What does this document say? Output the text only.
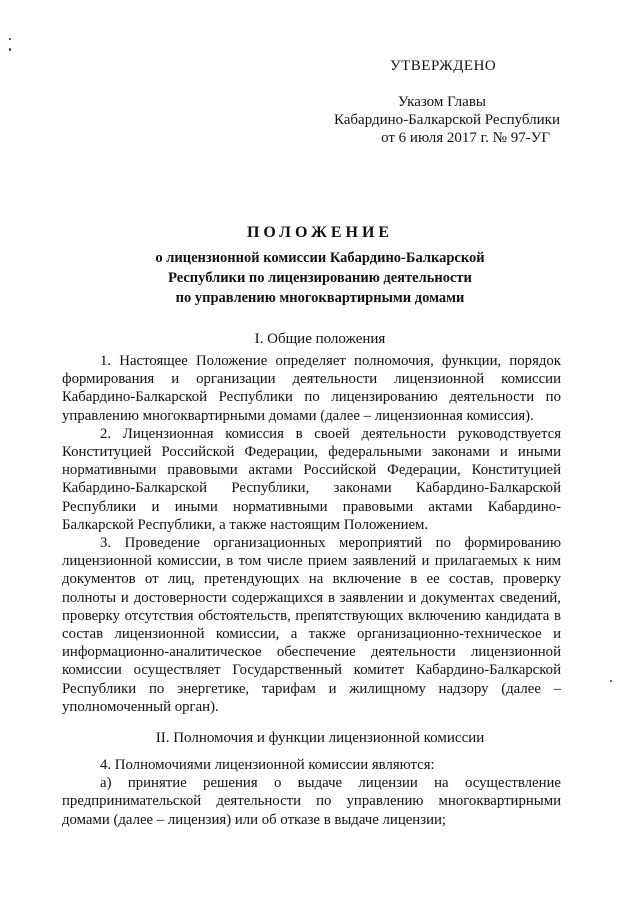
УТВЕРЖДЕНО
Указом Главы
Кабардино-Балкарской Республики
от 6 июля 2017 г. № 97-УГ
ПОЛОЖЕНИЕ
о лицензионной комиссии Кабардино-Балкарской
Республики по лицензированию деятельности
по управлению многоквартирными домами
I. Общие положения

1. Настоящее Положение определяет полномочия, функции, порядок формирования и организации деятельности лицензионной комиссии Кабардино-Балкарской Республики по лицензированию деятельности по управлению многоквартирными домами (далее – лицензионная комиссия).

2. Лицензионная комиссия в своей деятельности руководствуется Конституцией Российской Федерации, федеральными законами и иными нормативными правовыми актами Российской Федерации, Конституцией Кабардино-Балкарской Республики, законами Кабардино-Балкарской Республики и иными нормативными правовыми актами Кабардино-Балкарской Республики, а также настоящим Положением.

3. Проведение организационных мероприятий по формированию лицензионной комиссии, в том числе прием заявлений и прилагаемых к ним документов от лиц, претендующих на включение в ее состав, проверку полноты и достоверности содержащихся в заявлении и документах сведений, проверку отсутствия обстоятельств, препятствующих включению кандидата в состав лицензионной комиссии, а также организационно-техническое и информационно-аналитическое обеспечение деятельности лицензионной комиссии осуществляет Государственный комитет Кабардино-Балкарской Республики по энергетике, тарифам и жилищному надзору (далее – уполномоченный орган).

II. Полномочия и функции лицензионной комиссии

4. Полномочиями лицензионной комиссии являются:

а) принятие решения о выдаче лицензии на осуществление предпринимательской деятельности по управлению многоквартирными домами (далее – лицензия) или об отказе в выдаче лицензии;
